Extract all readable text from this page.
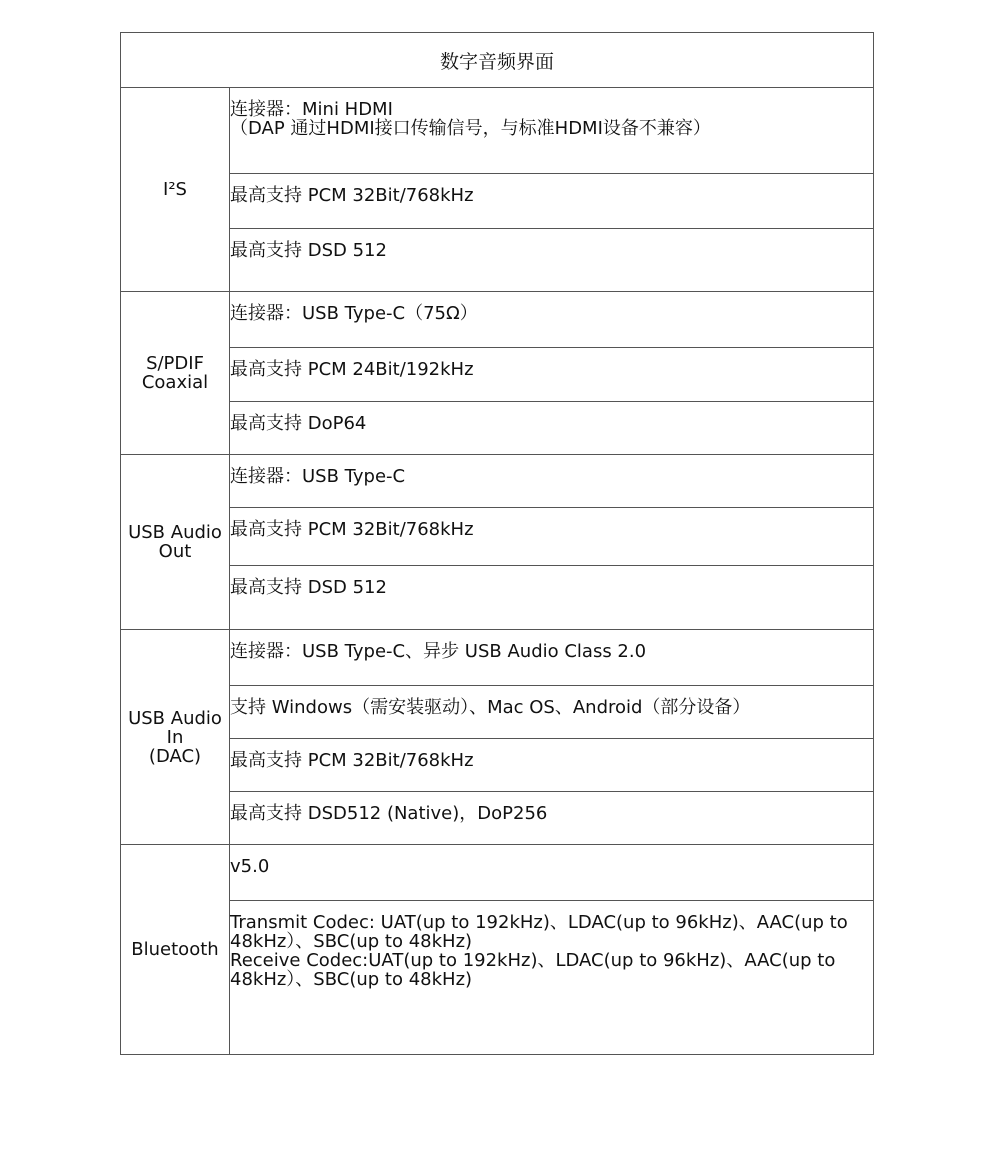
数字音频界面	
I²S	连接器：Mini HDMI
（DAP 通过HDMI接口传输信号，与标准HDMI设备不兼容）

	最高支持 PCM 32Bit/768kHz

	最高支持 DSD 512

S/PDIF
Coaxial	连接器：USB Type-C（75Ω）

	最高支持 PCM 24Bit/192kHz

	最高支持 DoP64

USB Audio
Out	连接器：USB Type-C

	最高支持 PCM 32Bit/768kHz

	最高支持 DSD 512

USB Audio
In
(DAC)	连接器：USB Type-C、异步 USB Audio Class 2.0

	支持 Windows（需安装驱动）、Mac OS、Android（部分设备）

	最高支持 PCM 32Bit/768kHz

	最高支持 DSD512 (Native)，DoP256

Bluetooth	v5.0

	Transmit Codec: UAT(up to 192kHz)、LDAC(up to 96kHz)、AAC(up to 48kHz）、SBC(up to 48kHz)
Receive Codec:UAT(up to 192kHz)、LDAC(up to 96kHz)、AAC(up to 48kHz）、SBC(up to 48kHz)
